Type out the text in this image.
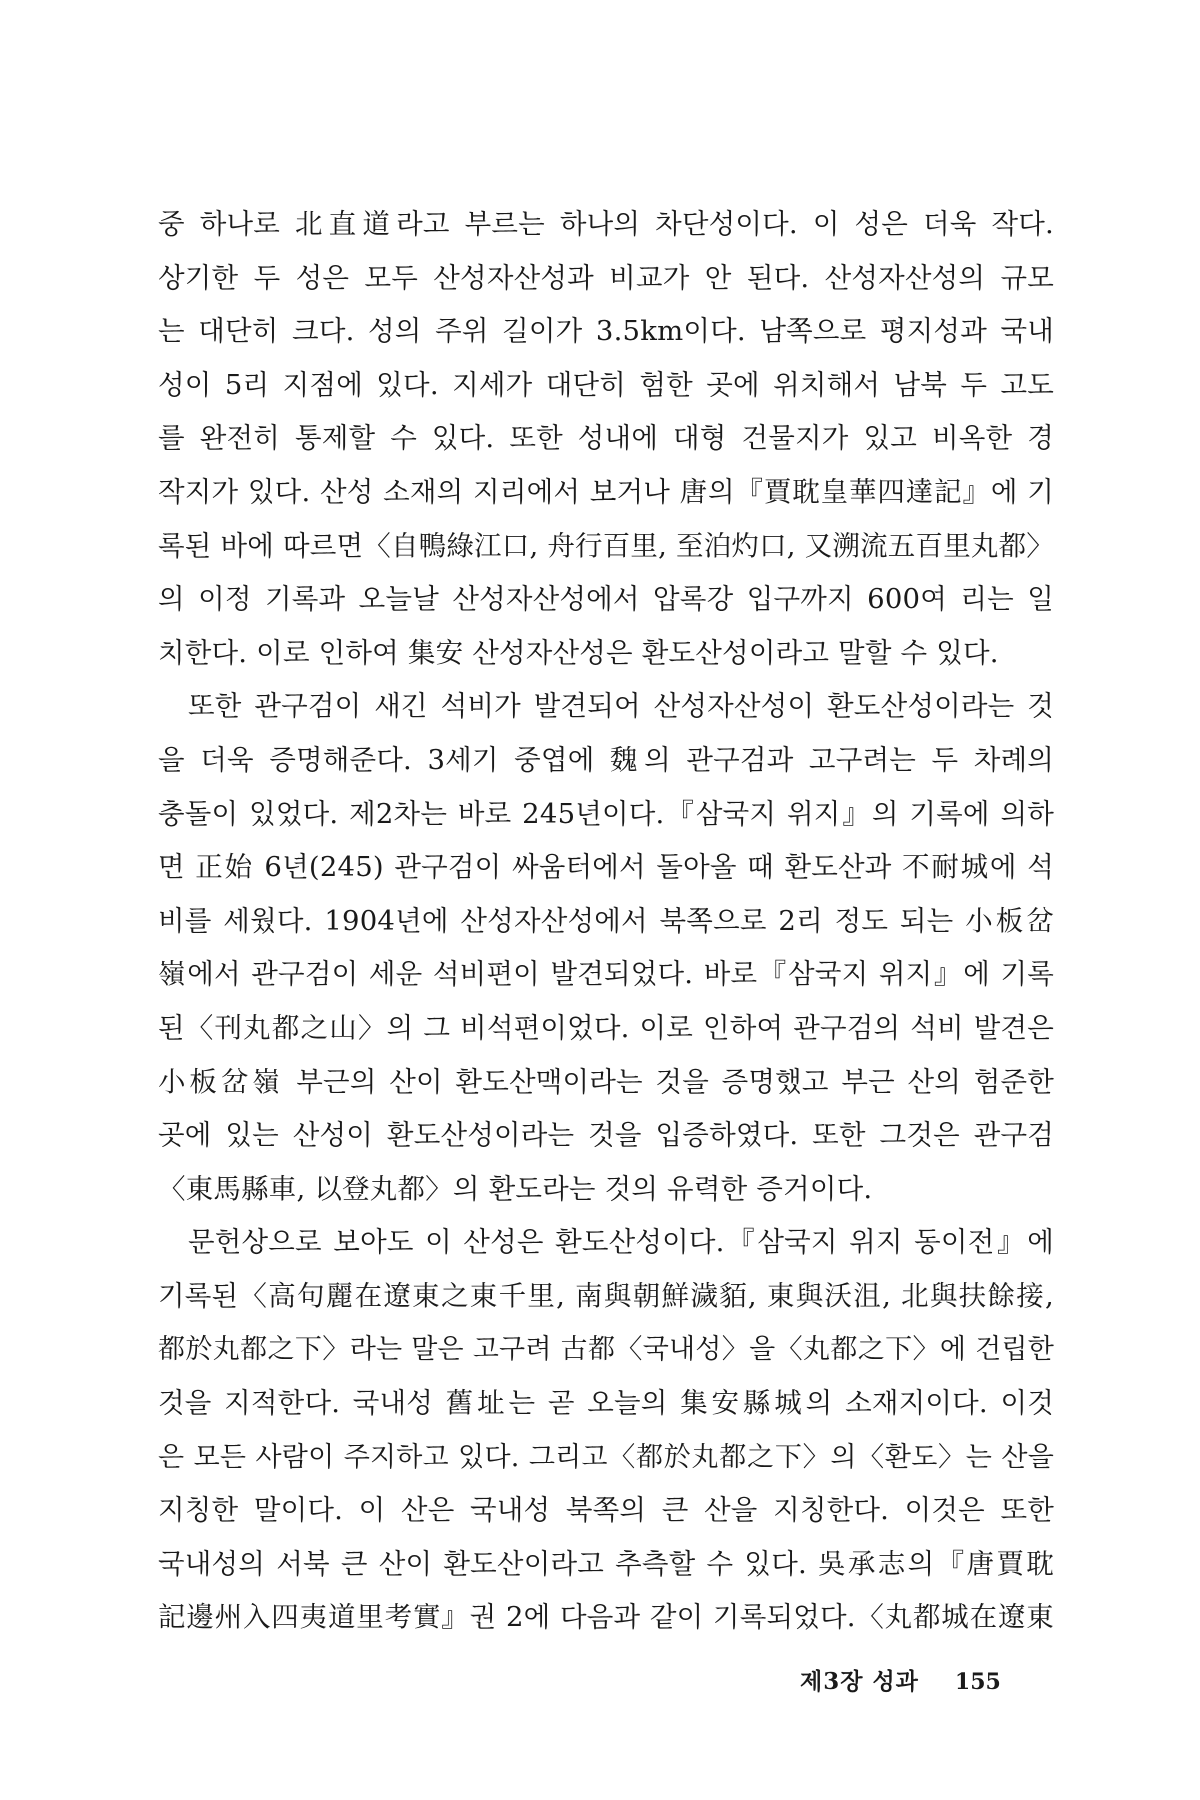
중 하나로 北直道라고 부르는 하나의 차단성이다. 이 성은 더욱 작다.
상기한 두 성은 모두 산성자산성과 비교가 안 된다. 산성자산성의 규모
는 대단히 크다. 성의 주위 길이가 3.5km이다. 남쪽으로 평지성과 국내
성이 5리 지점에 있다. 지세가 대단히 험한 곳에 위치해서 남북 두 고도
를 완전히 통제할 수 있다. 또한 성내에 대형 건물지가 있고 비옥한 경
작지가 있다. 산성 소재의 지리에서 보거나 唐의『賈耽皇華四達記』에 기
록된 바에 따르면〈自鴨綠江口, 舟行百里, 至泊灼口, 又溯流五百里丸都〉
의 이정 기록과 오늘날 산성자산성에서 압록강 입구까지 600여 리는 일
치한다. 이로 인하여 集安 산성자산성은 환도산성이라고 말할 수 있다.
또한 관구검이 새긴 석비가 발견되어 산성자산성이 환도산성이라는 것
을 더욱 증명해준다. 3세기 중엽에 魏의 관구검과 고구려는 두 차례의
충돌이 있었다. 제2차는 바로 245년이다.『삼국지 위지』의 기록에 의하
면 正始 6년(245) 관구검이 싸움터에서 돌아올 때 환도산과 不耐城에 석
비를 세웠다. 1904년에 산성자산성에서 북쪽으로 2리 정도 되는 小板岔
嶺에서 관구검이 세운 석비편이 발견되었다. 바로『삼국지 위지』에 기록
된〈刊丸都之山〉의 그 비석편이었다. 이로 인하여 관구검의 석비 발견은
小板岔嶺 부근의 산이 환도산맥이라는 것을 증명했고 부근 산의 험준한
곳에 있는 산성이 환도산성이라는 것을 입증하였다. 또한 그것은 관구검
〈東馬縣車, 以登丸都〉의 환도라는 것의 유력한 증거이다.
문헌상으로 보아도 이 산성은 환도산성이다.『삼국지 위지 동이전』에
기록된〈高句麗在遼東之東千里, 南與朝鮮濊貊, 東與沃沮, 北與扶餘接,
都於丸都之下〉라는 말은 고구려 古都〈국내성〉을〈丸都之下〉에 건립한
것을 지적한다. 국내성 舊址는 곧 오늘의 集安縣城의 소재지이다. 이것
은 모든 사람이 주지하고 있다. 그리고〈都於丸都之下〉의〈환도〉는 산을
지칭한 말이다. 이 산은 국내성 북쪽의 큰 산을 지칭한다. 이것은 또한
국내성의 서북 큰 산이 환도산이라고 추측할 수 있다. 吳承志의『唐賈耽
記邊州入四夷道里考實』권 2에 다음과 같이 기록되었다.〈丸都城在遼東
제3장 성과 155
